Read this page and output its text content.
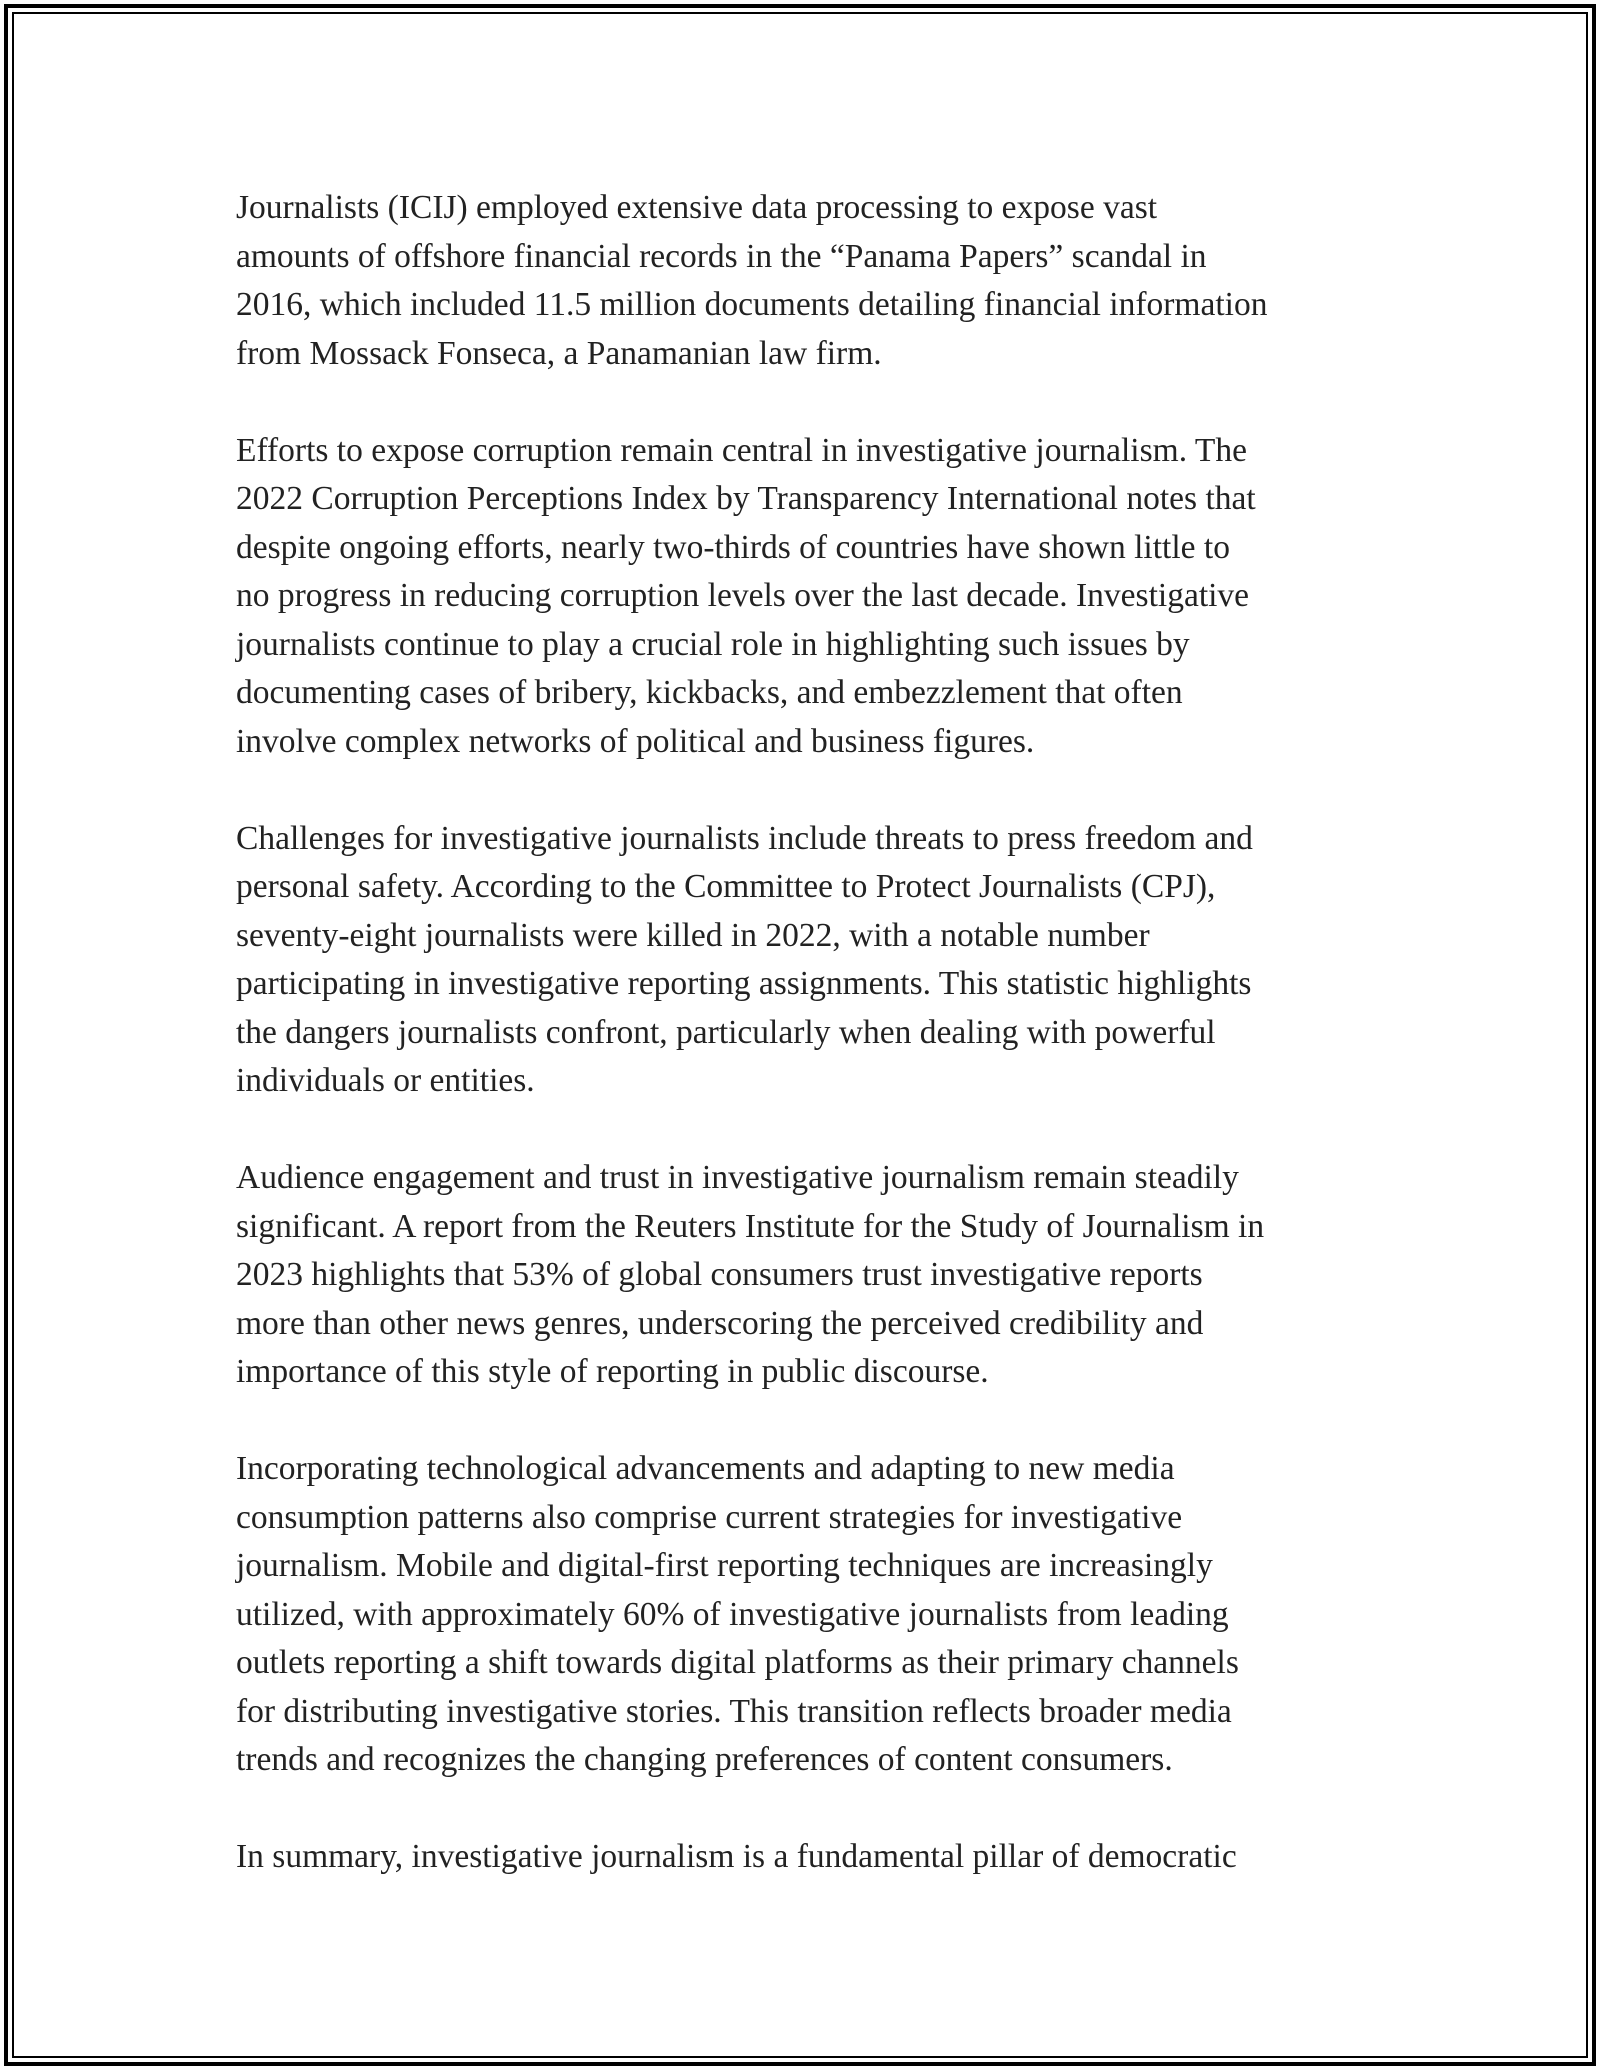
Journalists (ICIJ) employed extensive data processing to expose vast
amounts of offshore financial records in the “Panama Papers” scandal in
2016, which included 11.5 million documents detailing financial information
from Mossack Fonseca, a Panamanian law firm.

Efforts to expose corruption remain central in investigative journalism. The
2022 Corruption Perceptions Index by Transparency International notes that
despite ongoing efforts, nearly two-thirds of countries have shown little to
no progress in reducing corruption levels over the last decade. Investigative
journalists continue to play a crucial role in highlighting such issues by
documenting cases of bribery, kickbacks, and embezzlement that often
involve complex networks of political and business figures.

Challenges for investigative journalists include threats to press freedom and
personal safety. According to the Committee to Protect Journalists (CPJ),
seventy-eight journalists were killed in 2022, with a notable number
participating in investigative reporting assignments. This statistic highlights
the dangers journalists confront, particularly when dealing with powerful
individuals or entities.

Audience engagement and trust in investigative journalism remain steadily
significant. A report from the Reuters Institute for the Study of Journalism in
2023 highlights that 53% of global consumers trust investigative reports
more than other news genres, underscoring the perceived credibility and
importance of this style of reporting in public discourse.

Incorporating technological advancements and adapting to new media
consumption patterns also comprise current strategies for investigative
journalism. Mobile and digital-first reporting techniques are increasingly
utilized, with approximately 60% of investigative journalists from leading
outlets reporting a shift towards digital platforms as their primary channels
for distributing investigative stories. This transition reflects broader media
trends and recognizes the changing preferences of content consumers.

In summary, investigative journalism is a fundamental pillar of democratic
